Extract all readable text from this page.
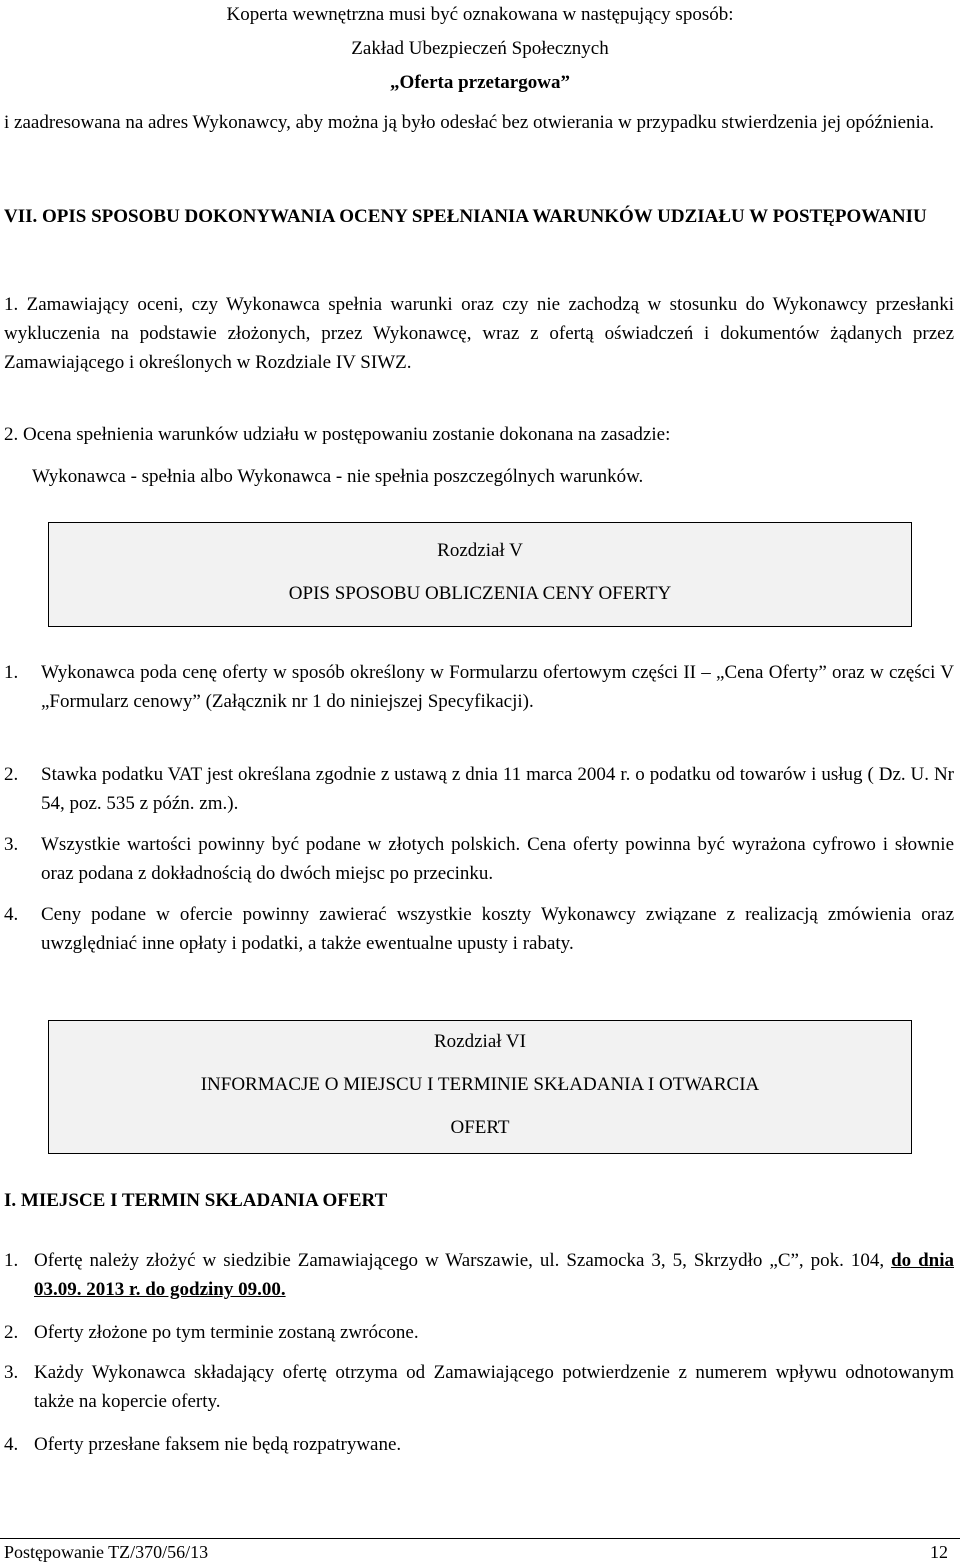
Koperta wewnętrzna musi być oznakowana w następujący sposób:
Zakład Ubezpieczeń Społecznych
„Oferta przetargowa”
i zaadresowana na adres Wykonawcy, aby można ją było odesłać bez otwierania w przypadku stwierdzenia jej opóźnienia.
VII. OPIS SPOSOBU DOKONYWANIA OCENY SPEŁNIANIA WARUNKÓW UDZIAŁU W POSTĘPOWANIU
1. Zamawiający oceni, czy Wykonawca spełnia warunki oraz czy nie zachodzą w stosunku do Wykonawcy przesłanki wykluczenia na podstawie złożonych, przez Wykonawcę, wraz z ofertą oświadczeń i dokumentów żądanych przez Zamawiającego i określonych w Rozdziale IV SIWZ.
2. Ocena spełnienia warunków udziału w postępowaniu zostanie dokonana na zasadzie:
Wykonawca - spełnia albo Wykonawca - nie spełnia poszczególnych warunków.
Rozdział V
OPIS SPOSOBU OBLICZENIA CENY OFERTY
1. Wykonawca poda cenę oferty w sposób określony w Formularzu ofertowym części II – „Cena Oferty” oraz w części V „Formularz cenowy” (Załącznik nr 1 do niniejszej Specyfikacji).
2. Stawka podatku VAT jest określana zgodnie z ustawą z dnia 11 marca 2004 r. o podatku od towarów i usług ( Dz. U. Nr 54, poz. 535 z późn. zm.).
3. Wszystkie wartości powinny być podane w złotych polskich. Cena oferty powinna być wyrażona cyfrowo i słownie oraz podana z dokładnością do dwóch miejsc po przecinku.
4. Ceny podane w ofercie powinny zawierać wszystkie koszty Wykonawcy związane z realizacją zmówienia oraz uwzględniać inne opłaty i podatki, a także ewentualne upusty i rabaty.
Rozdział VI
INFORMACJE O MIEJSCU I TERMINIE SKŁADANIA I OTWARCIA
OFERT
I. MIEJSCE I TERMIN SKŁADANIA OFERT
1. Ofertę należy złożyć w siedzibie Zamawiającego w Warszawie, ul. Szamocka 3, 5, Skrzydło „C”, pok. 104, do dnia 03.09. 2013 r. do godziny 09.00.
2. Oferty złożone po tym terminie zostaną zwrócone.
3. Każdy Wykonawca składający ofertę otrzyma od Zamawiającego potwierdzenie z numerem wpływu odnotowanym także na kopercie oferty.
4. Oferty przesłane faksem nie będą rozpatrywane.
Postępowanie TZ/370/56/13	12
